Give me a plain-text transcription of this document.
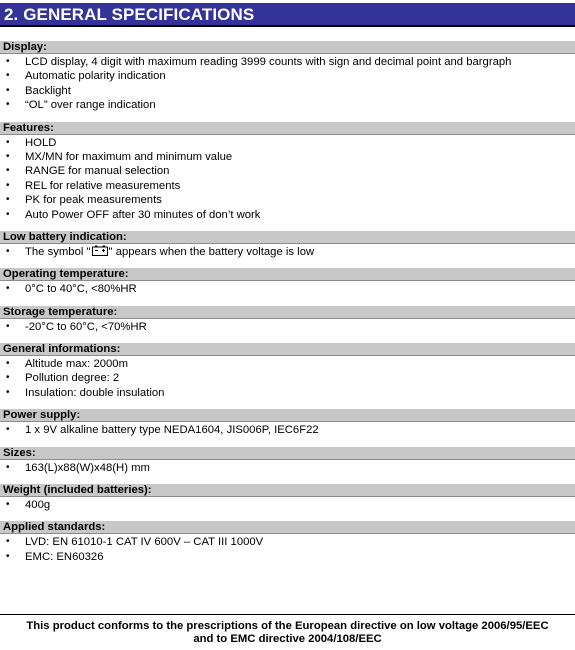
2. GENERAL SPECIFICATIONS
Display:
• LCD display, 4 digit with maximum reading 3999 counts with sign and decimal point and bargraph
• Automatic polarity indication
• Backlight
• “OL” over range indication
Features:
• HOLD
• MX/MN for maximum and minimum value
• RANGE for manual selection
• REL for relative measurements
• PK for peak measurements
• Auto Power OFF after 30 minutes of don’t work
Low battery indication:
• The symbol " " appears when the battery voltage is low
Operating temperature:
• 0°C to 40°C, <80%HR
Storage temperature:
• -20°C to 60°C, <70%HR
General informations:
• Altitude max: 2000m
• Pollution degree: 2
• Insulation: double insulation
Power supply:
• 1 x 9V alkaline battery type NEDA1604, JIS006P, IEC6F22
Sizes:
• 163(L)x88(W)x48(H) mm
Weight (included batteries):
• 400g
Applied standards:
• LVD: EN 61010-1 CAT IV 600V – CAT III 1000V
• EMC: EN60326
This product conforms to the prescriptions of the European directive on low voltage 2006/95/EEC
and to EMC directive 2004/108/EEC
